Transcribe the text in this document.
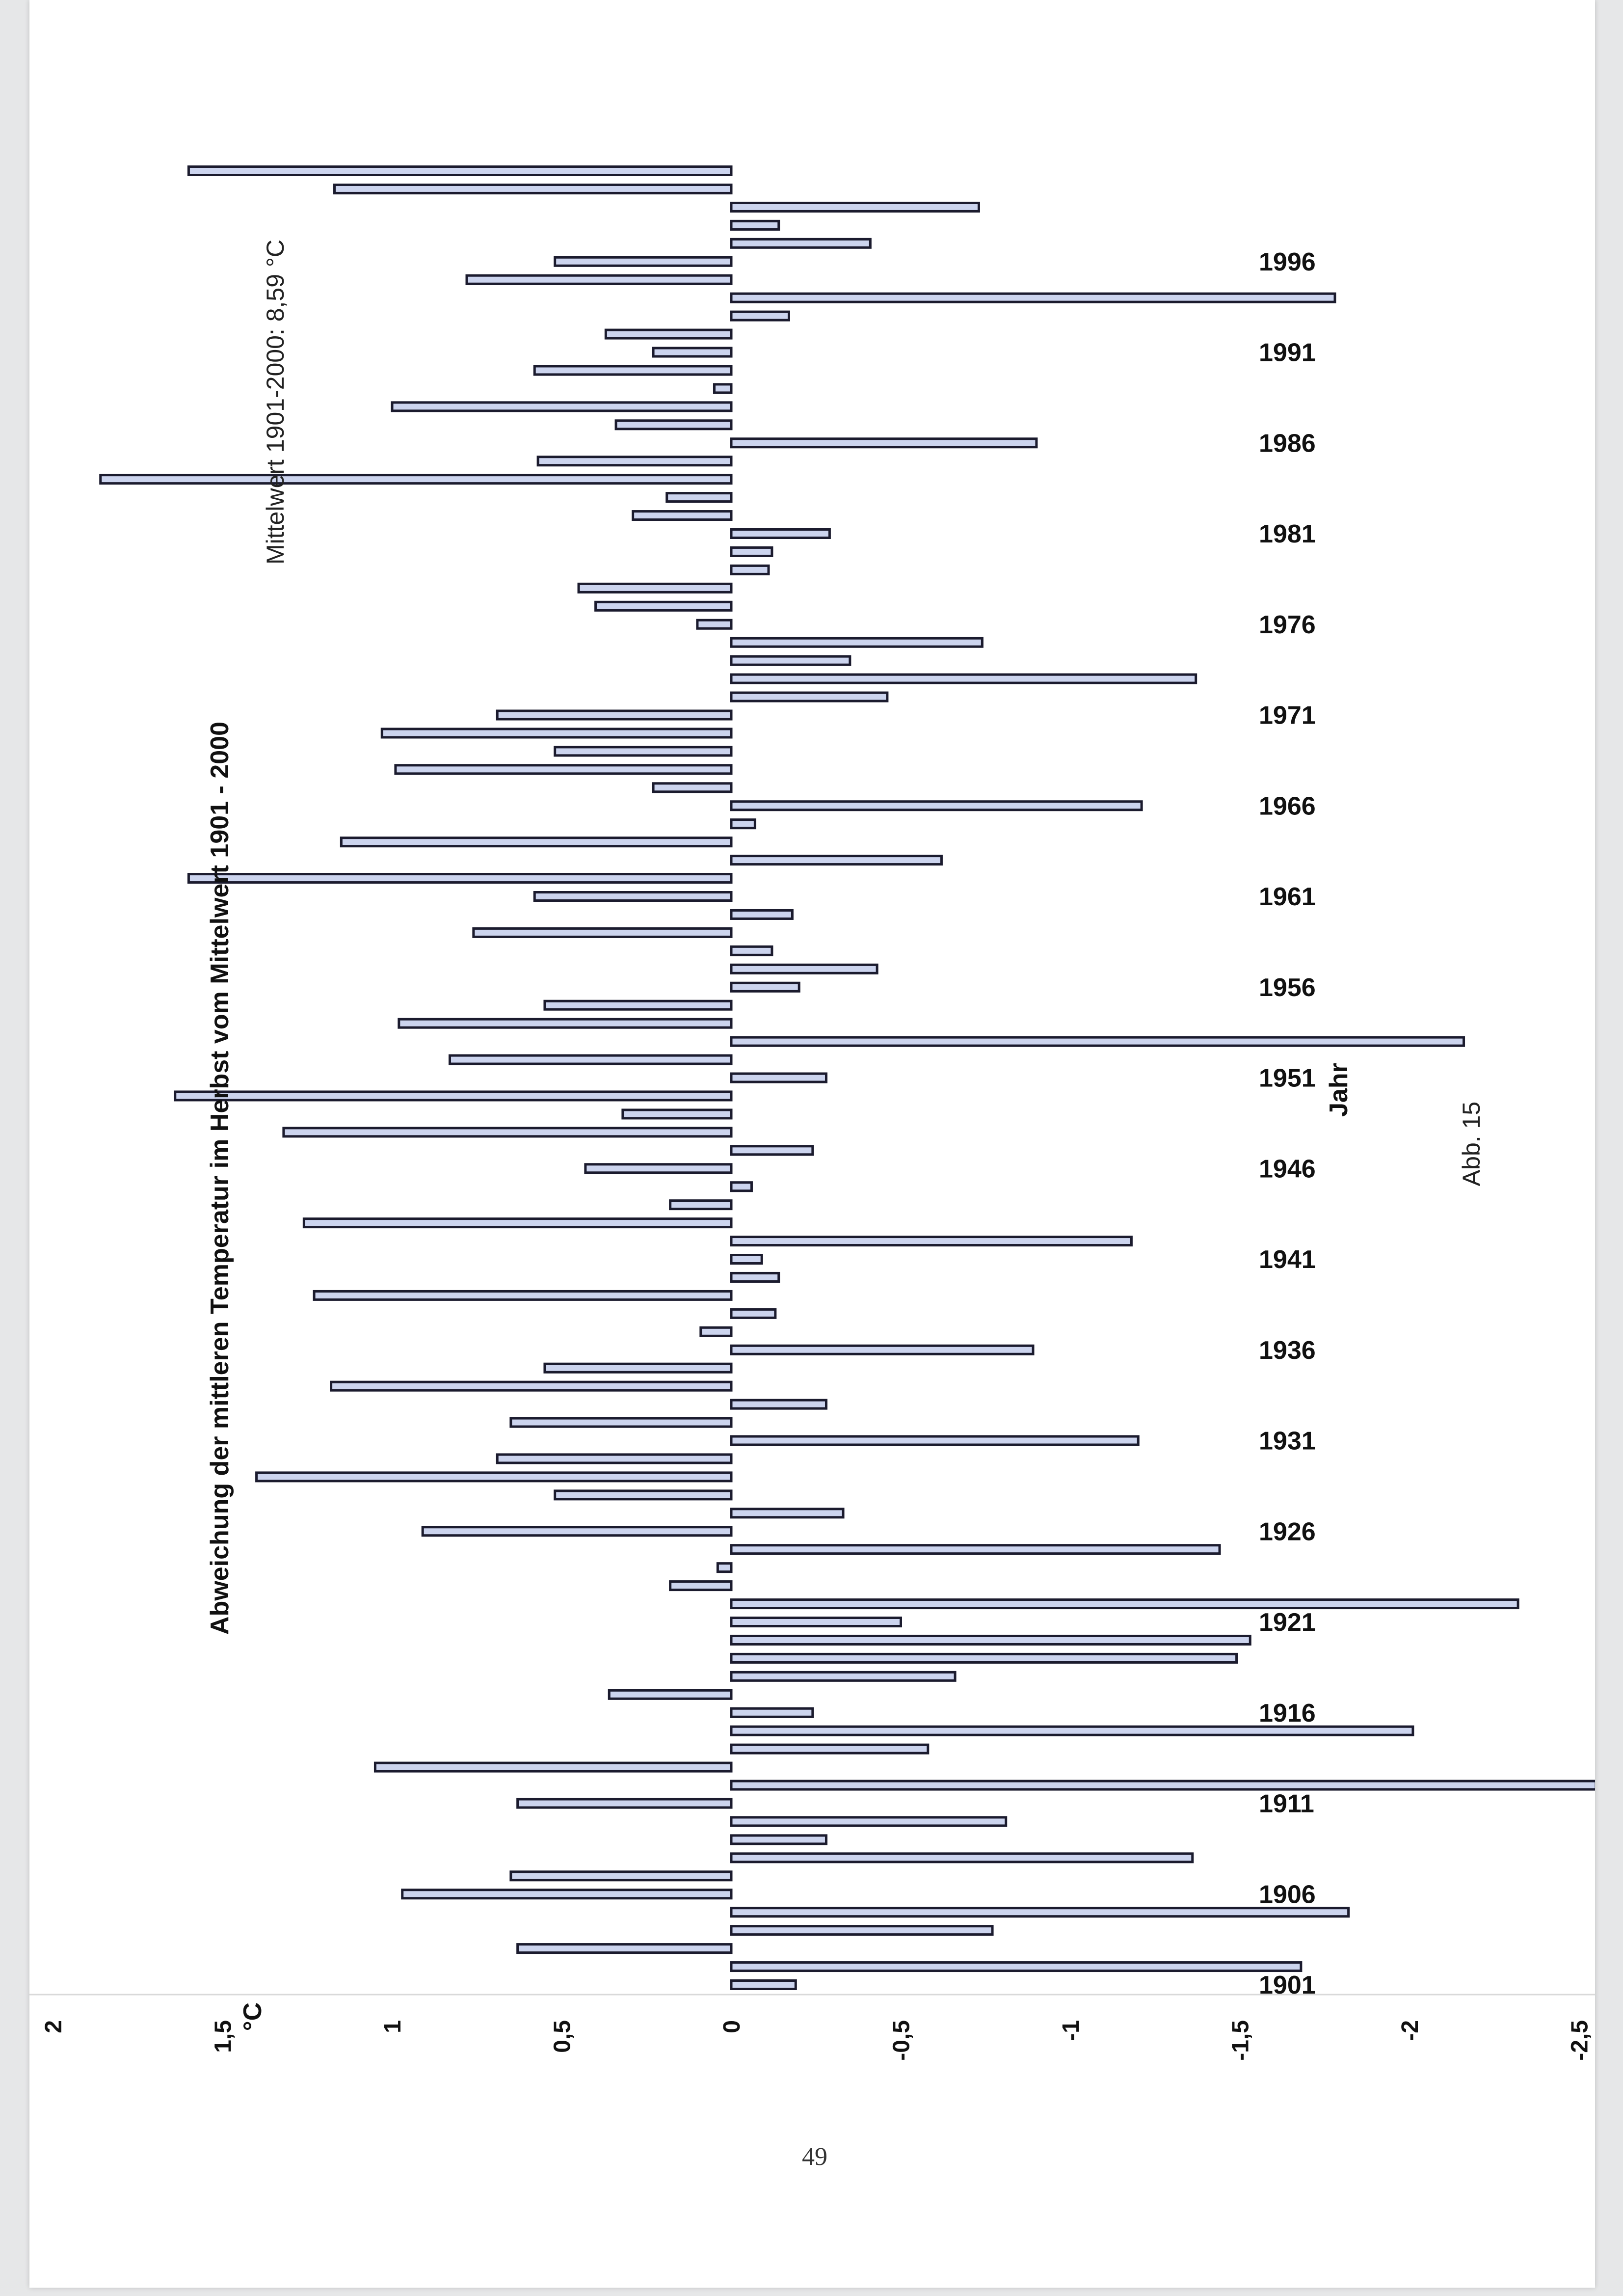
2	1,5	1	0,5	0	-0,5	-1	-1,5	-2	-2,5
1901
1906
1911
1916
1921
1926
1931
1936
1941
1946
1951
1956
1961
1966
1971
1976
1981
1986
1991
1996
°C
Jahr
Abweichung der mittleren Temperatur im Herbst vom Mittelwert 1901 - 2000
Mittelwert 1901-2000: 8,59 °C
Abb. 15
49
